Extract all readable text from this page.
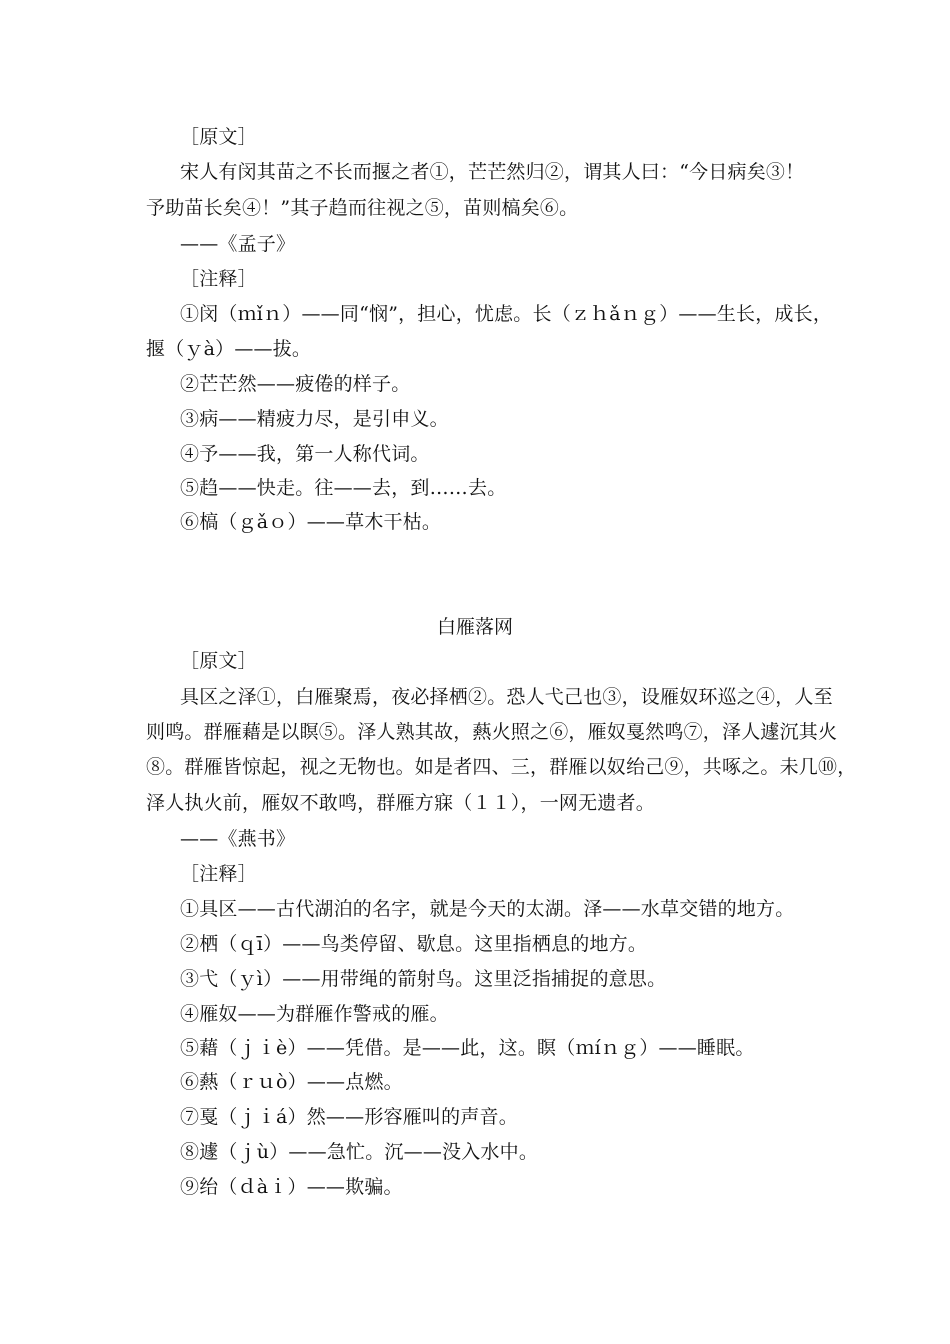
［原文］
宋人有闵其苗之不长而揠之者①，芒芒然归②，谓其人曰：“今日病矣③！
予助苗长矣④！”其子趋而往视之⑤，苗则槁矣⑥。
——《孟子》
［注释］
①闵（ｍǐｎ）——同“悯”，担心，忧虑。长（ｚｈǎｎｇ）——生长，成长，
揠（ｙà）——拔。
②芒芒然——疲倦的样子。
③病——精疲力尽，是引申义。
④予——我，第一人称代词。
⑤趋——快走。往——去，到……去。
⑥槁（ｇǎｏ）——草木干枯。
白雁落网
［原文］
具区之泽①，白雁聚焉，夜必择栖②。恐人弋己也③，设雁奴环巡之④，人至
则鸣。群雁藉是以瞑⑤。泽人熟其故，爇火照之⑥，雁奴戛然鸣⑦，泽人遽沉其火
⑧。群雁皆惊起，视之无物也。如是者四、三，群雁以奴绐己⑨，共啄之。未几⑩，
泽人执火前，雁奴不敢鸣，群雁方寐（１１），一网无遗者。
——《燕书》
［注释］
①具区——古代湖泊的名字，就是今天的太湖。泽——水草交错的地方。
②栖（ｑī）——鸟类停留、歇息。这里指栖息的地方。
③弋（ｙì）——用带绳的箭射鸟。这里泛指捕捉的意思。
④雁奴——为群雁作警戒的雁。
⑤藉（ｊｉè）——凭借。是——此，这。瞑（ｍíｎｇ）——睡眠。
⑥爇（ｒｕò）——点燃。
⑦戛（ｊｉá）然——形容雁叫的声音。
⑧遽（ｊù）——急忙。沉——没入水中。
⑨绐（ｄàｉ）——欺骗。
